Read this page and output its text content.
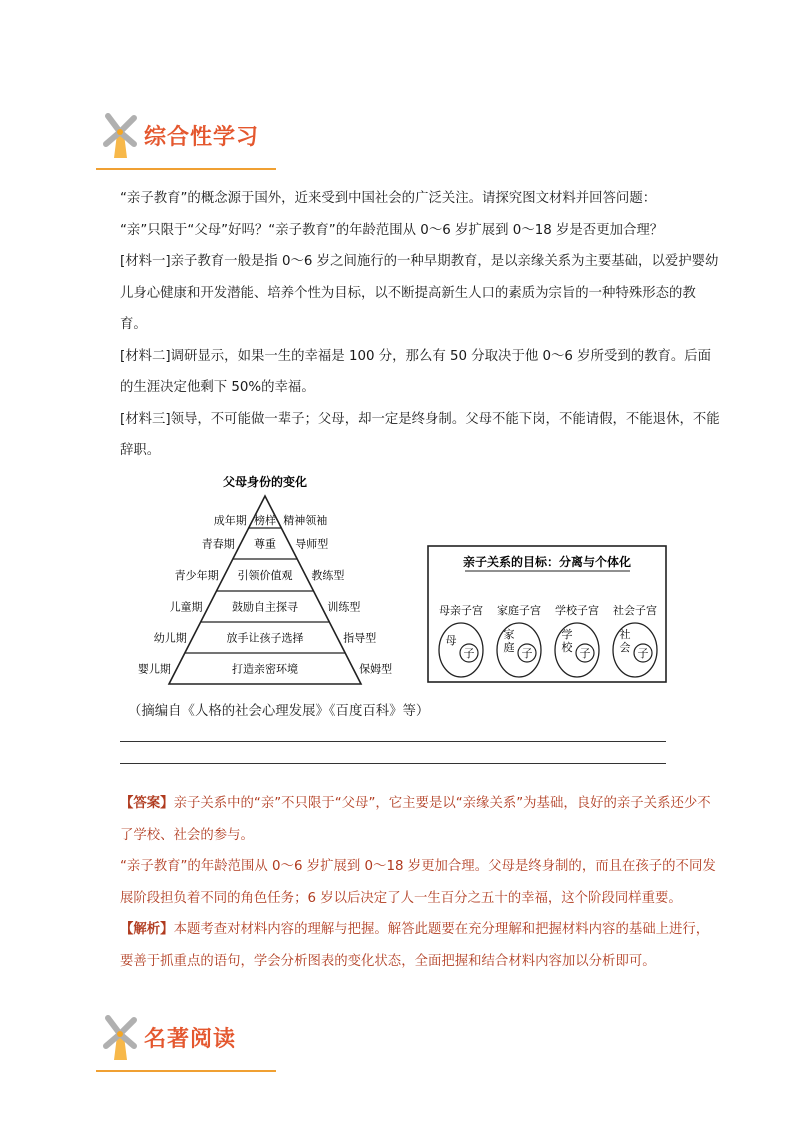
综合性学习

“亲子教育”的概念源于国外，近来受到中国社会的广泛关注。请探究图文材料并回答问题：

“亲”只限于“父母”好吗？“亲子教育”的年龄范围从 0～6 岁扩展到 0～18 岁是否更加合理？

[材料一]亲子教育一般是指 0～6 岁之间施行的一种早期教育，是以亲缘关系为主要基础，以爱护婴幼儿身心健康和开发潜能、培养个性为目标，以不断提高新生人口的素质为宗旨的一种特殊形态的教育。

[材料二]调研显示，如果一生的幸福是 100 分，那么有 50 分取决于他 0～6 岁所受到的教育。后面的生涯决定他剩下 50%的幸福。

[材料三]领导，不可能做一辈子；父母，却一定是终身制。父母不能下岗，不能请假，不能退休，不能辞职。

父母身份的变化
榜样
成年期	精神领袖
尊重
青春期	导师型
引领价值观
青少年期	教练型
鼓励自主探寻
儿童期	训练型
放手让孩子选择
幼儿期	指导型
打造亲密环境
婴儿期	保姆型
亲子关系的目标：分离与个体化
母亲子宫
子
母
家庭子宫
子
家
庭
学校子宫
子
学
校
社会子宫
子
社
会
（摘编自《人格的社会心理发展》《百度百科》等）

【答案】亲子关系中的“亲”不只限于“父母”，它主要是以“亲缘关系”为基础，良好的亲子关系还少不了学校、社会的参与。

“亲子教育”的年龄范围从 0～6 岁扩展到 0～18 岁更加合理。父母是终身制的，而且在孩子的不同发展阶段担负着不同的角色任务；6 岁以后决定了人一生百分之五十的幸福，这个阶段同样重要。

【解析】本题考查对材料内容的理解与把握。解答此题要在充分理解和把握材料内容的基础上进行，要善于抓重点的语句，学会分析图表的变化状态，全面把握和结合材料内容加以分析即可。

名著阅读
